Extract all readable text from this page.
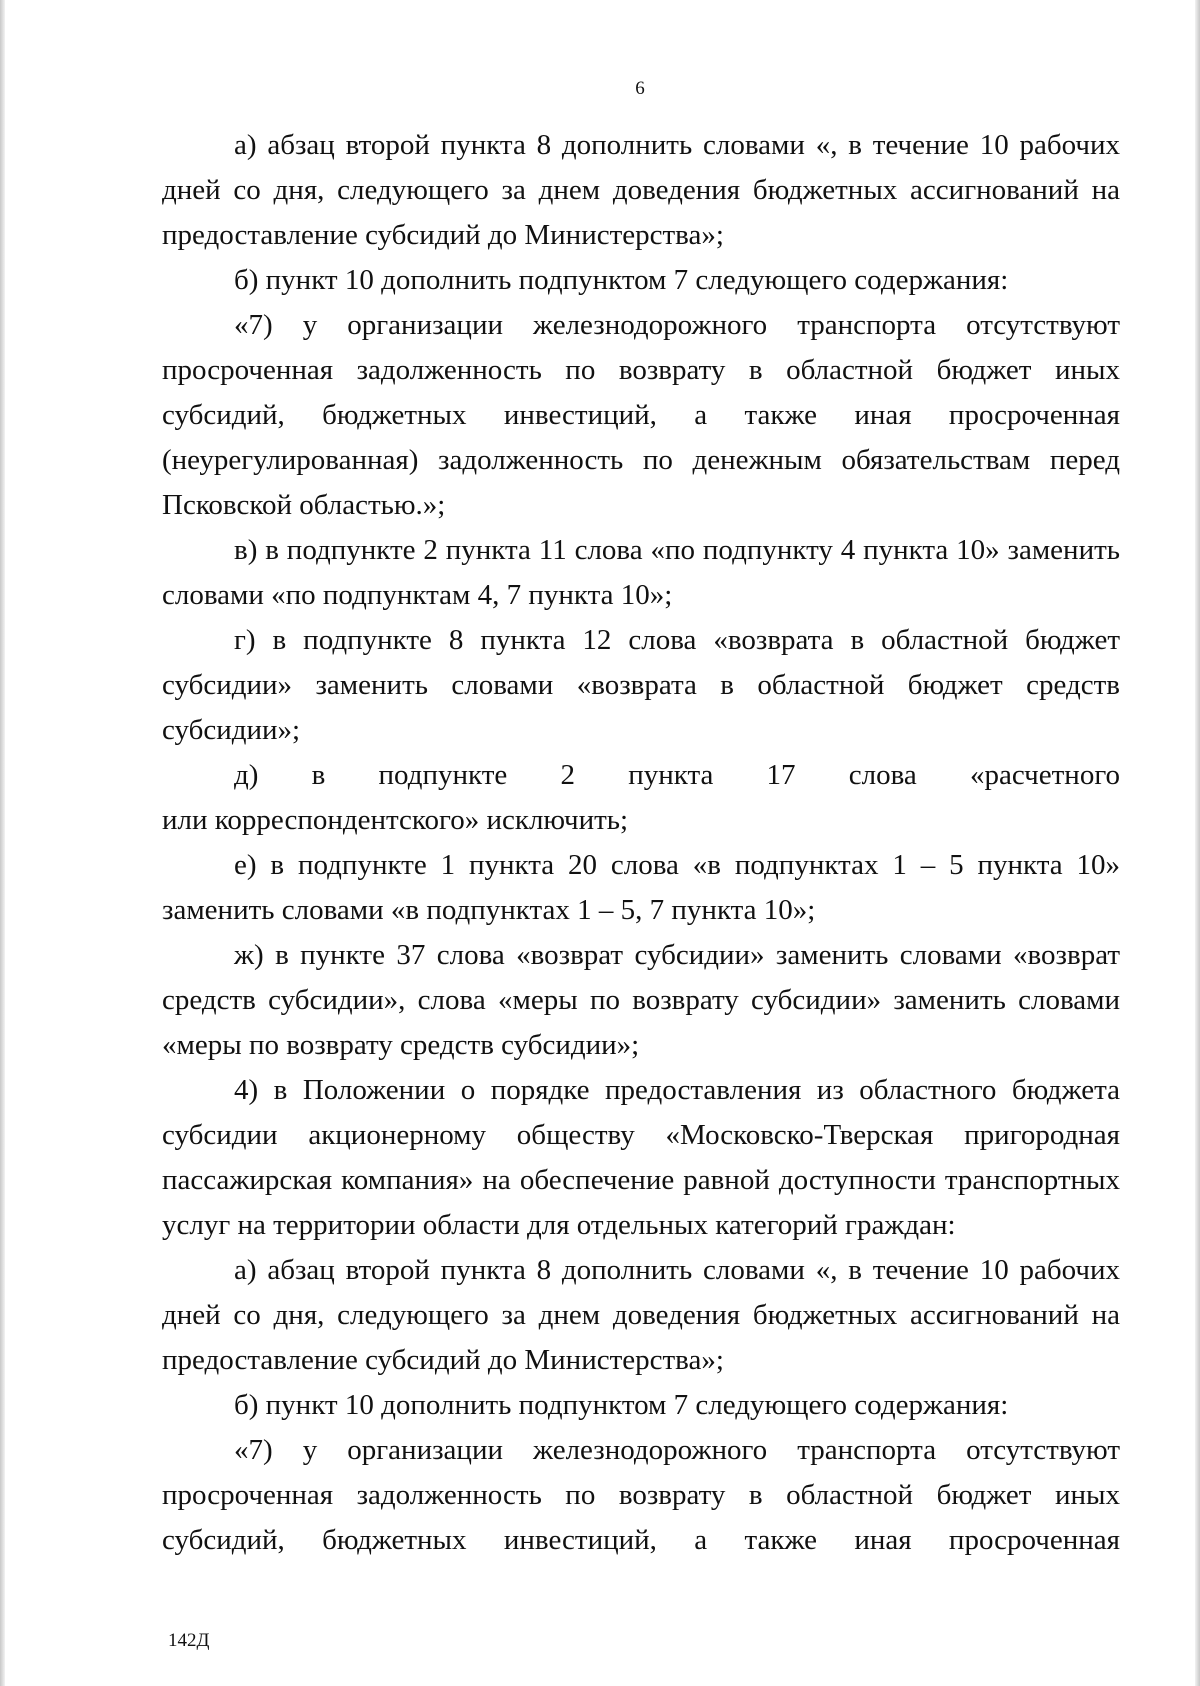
6

а) абзац второй пункта 8 дополнить словами «, в течение 10 рабочих дней со дня, следующего за днем доведения бюджетных ассигнований на предоставление субсидий до Министерства»;

б) пункт 10 дополнить подпунктом 7 следующего содержания:

«7) у организации железнодорожного транспорта отсутствуют просроченная задолженность по возврату в областной бюджет иных субсидий, бюджетных инвестиций, а также иная просроченная (неурегулированная) задолженность по денежным обязательствам перед Псковской областью.»;

в) в подпункте 2 пункта 11 слова «по подпункту 4 пункта 10» заменить словами «по подпунктам 4, 7 пункта 10»;

г) в подпункте 8 пункта 12 слова «возврата в областной бюджет субсидии» заменить словами «возврата в областной бюджет средств субсидии»;

д) в подпункте 2 пункта 17 слова «расчетного

или корреспондентского» исключить;

е) в подпункте 1 пункта 20 слова «в подпунктах 1 – 5 пункта 10» заменить словами «в подпунктах 1 – 5, 7 пункта 10»;

ж) в пункте 37 слова «возврат субсидии» заменить словами «возврат средств субсидии», слова «меры по возврату субсидии» заменить словами «меры по возврату средств субсидии»;

4) в Положении о порядке предоставления из областного бюджета субсидии акционерному обществу «Московско-Тверская пригородная пассажирская компания» на обеспечение равной доступности транспортных услуг на территории области для отдельных категорий граждан:

а) абзац второй пункта 8 дополнить словами «, в течение 10 рабочих дней со дня, следующего за днем доведения бюджетных ассигнований на предоставление субсидий до Министерства»;

б) пункт 10 дополнить подпунктом 7 следующего содержания:

«7) у организации железнодорожного транспорта отсутствуют просроченная задолженность по возврату в областной бюджет иных субсидий, бюджетных инвестиций, а также иная просроченная

142Д
